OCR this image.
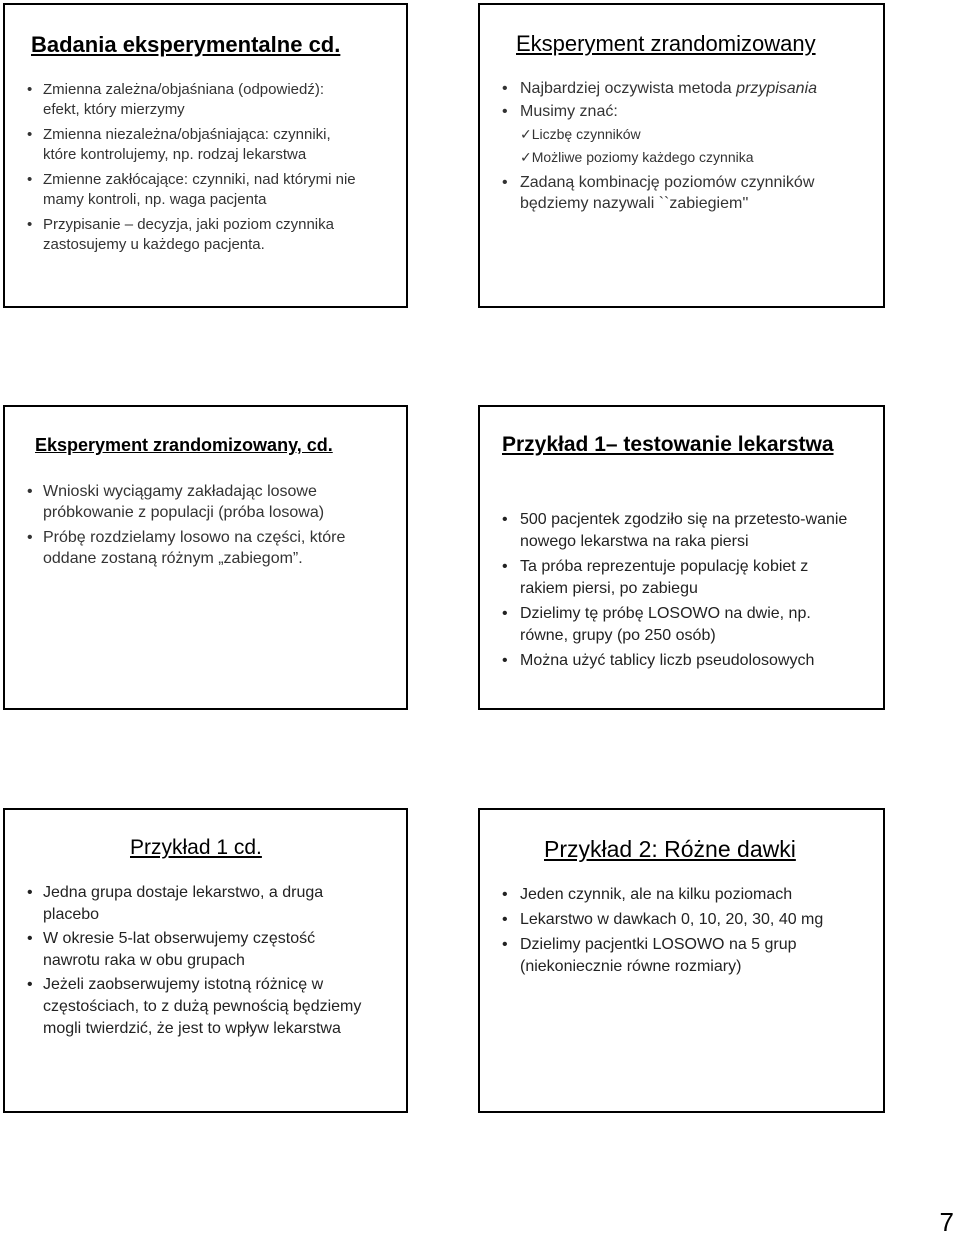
Badania eksperymentalne cd.
• Zmienna zależna/objaśniana (odpowiedź): efekt, który mierzymy
• Zmienna niezależna/objaśniająca: czynniki, które kontrolujemy, np. rodzaj lekarstwa
• Zmienne zakłócające: czynniki, nad którymi nie mamy kontroli, np. waga pacjenta
• Przypisanie – decyzja, jaki poziom czynnika zastosujemy u każdego pacjenta.
Eksperyment zrandomizowany
• Najbardziej oczywista metoda przypisania
• Musimy znać:
✓Liczbę czynników
✓Możliwe poziomy każdego czynnika
• Zadaną kombinację poziomów czynników będziemy nazywali ``zabiegiem''
Eksperyment zrandomizowany, cd.
• Wnioski wyciągamy zakładając losowe próbkowanie z populacji (próba losowa)
• Próbę rozdzielamy losowo na części, które oddane zostaną różnym „zabiegom”.
Przykład 1– testowanie lekarstwa
• 500 pacjentek zgodziło się na przetesto-wanie nowego lekarstwa na raka piersi
• Ta próba reprezentuje populację kobiet z rakiem piersi, po zabiegu
• Dzielimy tę próbę LOSOWO na dwie, np. równe, grupy (po 250 osób)
• Można użyć tablicy liczb pseudolosowych
Przykład 1 cd.
• Jedna grupa dostaje lekarstwo, a druga placebo
• W okresie 5-lat obserwujemy częstość nawrotu raka w obu grupach
• Jeżeli zaobserwujemy istotną różnicę w częstościach, to z dużą pewnością będziemy mogli twierdzić, że jest to wpływ lekarstwa
Przykład 2: Różne dawki
• Jeden czynnik, ale na kilku poziomach
• Lekarstwo w dawkach 0, 10, 20, 30, 40 mg
• Dzielimy pacjentki LOSOWO na 5 grup (niekoniecznie równe rozmiary)
7
